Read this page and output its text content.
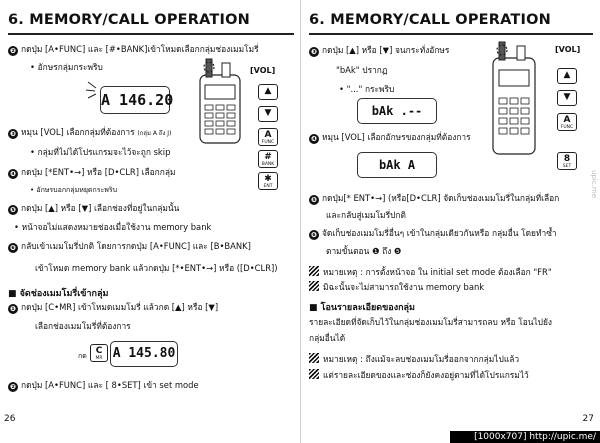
6. MEMORY/CALL OPERATION
❷ กดปุ่ม [A•FUNC] และ [#•BANK]เข้าโหมดเลือกกลุ่มช่องเมมโมรี่
• อักษรกลุ่มกระพริบ	[VOL]
A 146.20	▲
▼
A
FUNC
#
BANK
✱
ENT
❸ หมุน [VOL] เลือกกลุ่มที่ต้องการ (กลุ่ม A ถึง J)
• กลุ่มที่ไม่ได้โปรแกรมจะไว้จะถูก skip
❹ กดปุ่ม [*ENT•→] หรือ [D•CLR] เลือกกลุ่ม
• อักษรบอกกลุ่มหยุดกระพริบ
❺ กดปุ่ม [▲] หรือ [▼] เลือกช่องที่อยู่ในกลุ่มนั้น
• หน้าจอไม่แสดงหมายช่องเมื่อใช้งาน memory bank
❻ กลับเข้าเมมโมรี่ปกติ โดยการกดปุ่ม [A•FUNC] และ [B•BANK]
เข้าโหมด memory bank แล้วกดปุ่ม [*•ENT•→] หรือ ([D•CLR])
■ จัดช่องเมมโมรี่เข้ากลุ่ม
❶ กดปุ่ม [C•MR] เข้าโหมดเมมโมรี่ แล้วกด [▲] หรือ [▼]
เลือกช่องเมมโมรี่ที่ต้องการ
กด C
MR A 145.80
❷ กดปุ่ม [A•FUNC] และ [ 8•SET] เข้า set mode
26
6. MEMORY/CALL OPERATION
❸ กดปุ่ม [▲] หรือ [▼] จนกระทั่งอักษร
"bAk" ปรากฏ
• "..." กระพริบ
bAk .--
[VOL]
▲
▼
A
FUNC
8
SET
❹ หมุน [VOL] เลือกอักษรของกลุ่มที่ต้องการ
bAk A
❺ กดปุ่ม[* ENT•→] (หรือ[D•CLR] จัดเก็บช่องเมมโมรี่ในกลุ่มที่เลือก
และกลับสู่เมมโมรี่ปกติ
❻ จัดเก็บช่องเมมโมรี่อื่นๆ เข้าในกลุ่มเดียวกันหรือ กลุ่มอื่น โดยทำซ้ำ
ตามขั้นตอน ❶ ถึง ❺
หมายเหตุ : การตั้งหน้าจอ ใน initial set mode ต้องเลือก "FR"
มิฉะนั้นจะไม่สามารถใช้งาน memory bank
■ โอนรายละเอียดของกลุ่ม
รายละเอียดที่จัดเก็บไว้ในกลุ่มช่องเมมโมรี่สามารถลบ หรือ โอนไปยัง
กลุ่มอื่นได้
หมายเหตุ : ถึงแม้จะลบช่องเมมโมรี่ออกจากกลุ่มไปแล้ว
แต่รายละเอียดของและช่องก็ยังคงอยู่ตามที่ได้โปรแกรมไว้
27
upic.me
[1000x707] http://upic.me/
